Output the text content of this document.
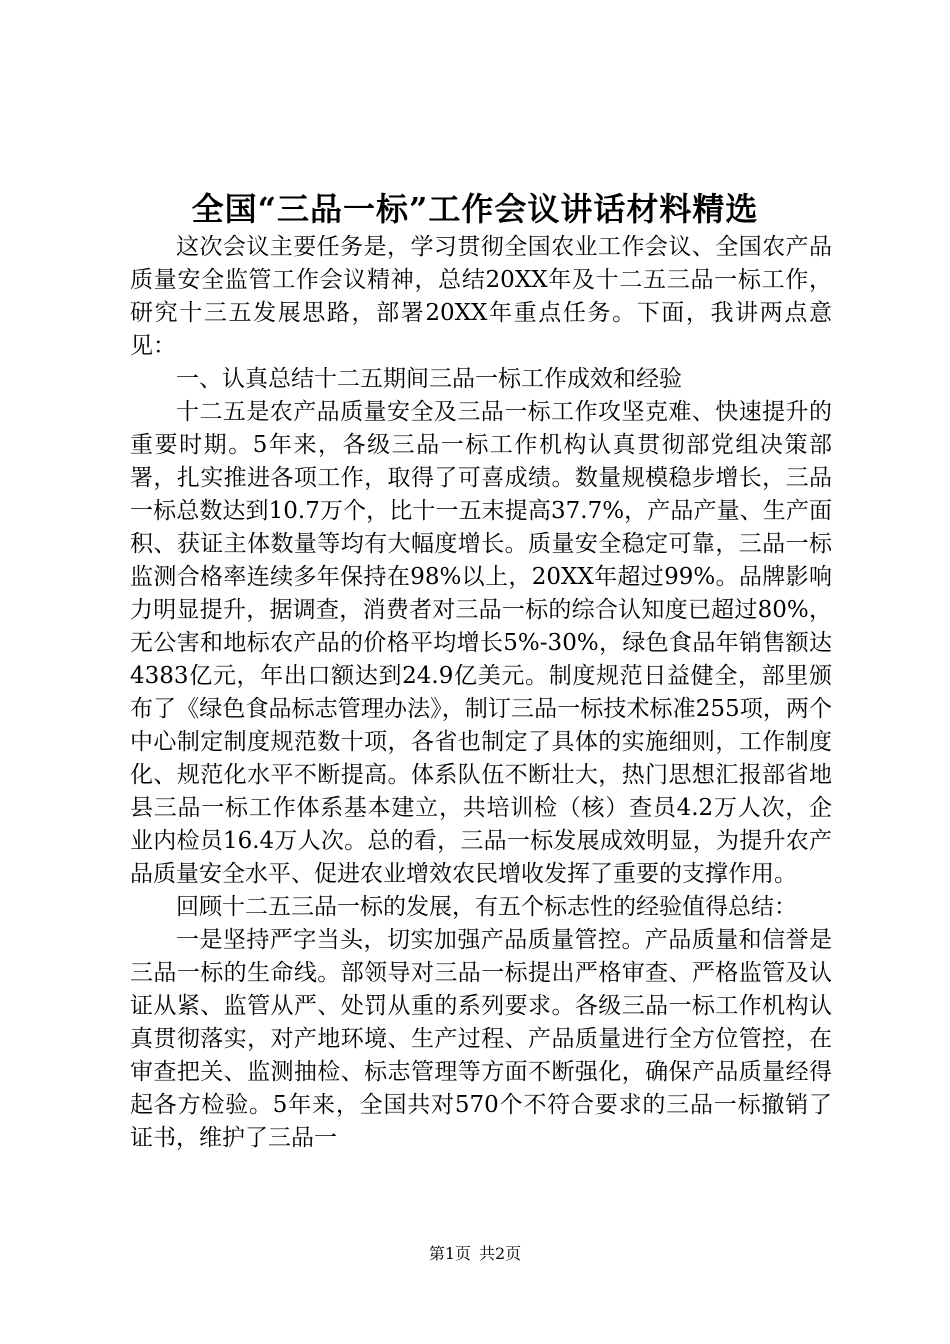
全国“三品一标”工作会议讲话材料精选

这次会议主要任务是，学习贯彻全国农业工作会议、全国农产品质量安全监管工作会议精神，总结20XX年及十二五三品一标工作，研究十三五发展思路，部署20XX年重点任务。下面，我讲两点意见：

一、认真总结十二五期间三品一标工作成效和经验

十二五是农产品质量安全及三品一标工作攻坚克难、快速提升的重要时期。5年来，各级三品一标工作机构认真贯彻部党组决策部署，扎实推进各项工作，取得了可喜成绩。数量规模稳步增长，三品一标总数达到10.7万个，比十一五末提高37.7%，产品产量、生产面积、获证主体数量等均有大幅度增长。质量安全稳定可靠，三品一标监测合格率连续多年保持在98%以上，20XX年超过99%。品牌影响力明显提升，据调查，消费者对三品一标的综合认知度已超过80%，无公害和地标农产品的价格平均增长5%-30%，绿色食品年销售额达4383亿元，年出口额达到24.9亿美元。制度规范日益健全，部里颁布了《绿色食品标志管理办法》，制订三品一标技术标准255项，两个中心制定制度规范数十项，各省也制定了具体的实施细则，工作制度化、规范化水平不断提高。体系队伍不断壮大，热门思想汇报部省地县三品一标工作体系基本建立，共培训检（核）查员4.2万人次，企业内检员16.4万人次。总的看，三品一标发展成效明显，为提升农产品质量安全水平、促进农业增效农民增收发挥了重要的支撑作用。

回顾十二五三品一标的发展，有五个标志性的经验值得总结：

一是坚持严字当头，切实加强产品质量管控。产品质量和信誉是三品一标的生命线。部领导对三品一标提出严格审查、严格监管及认证从紧、监管从严、处罚从重的系列要求。各级三品一标工作机构认真贯彻落实，对产地环境、生产过程、产品质量进行全方位管控，在审查把关、监测抽检、标志管理等方面不断强化，确保产品质量经得起各方检验。5年来，全国共对570个不符合要求的三品一标撤销了证书，维护了三品一

第1页 共2页
